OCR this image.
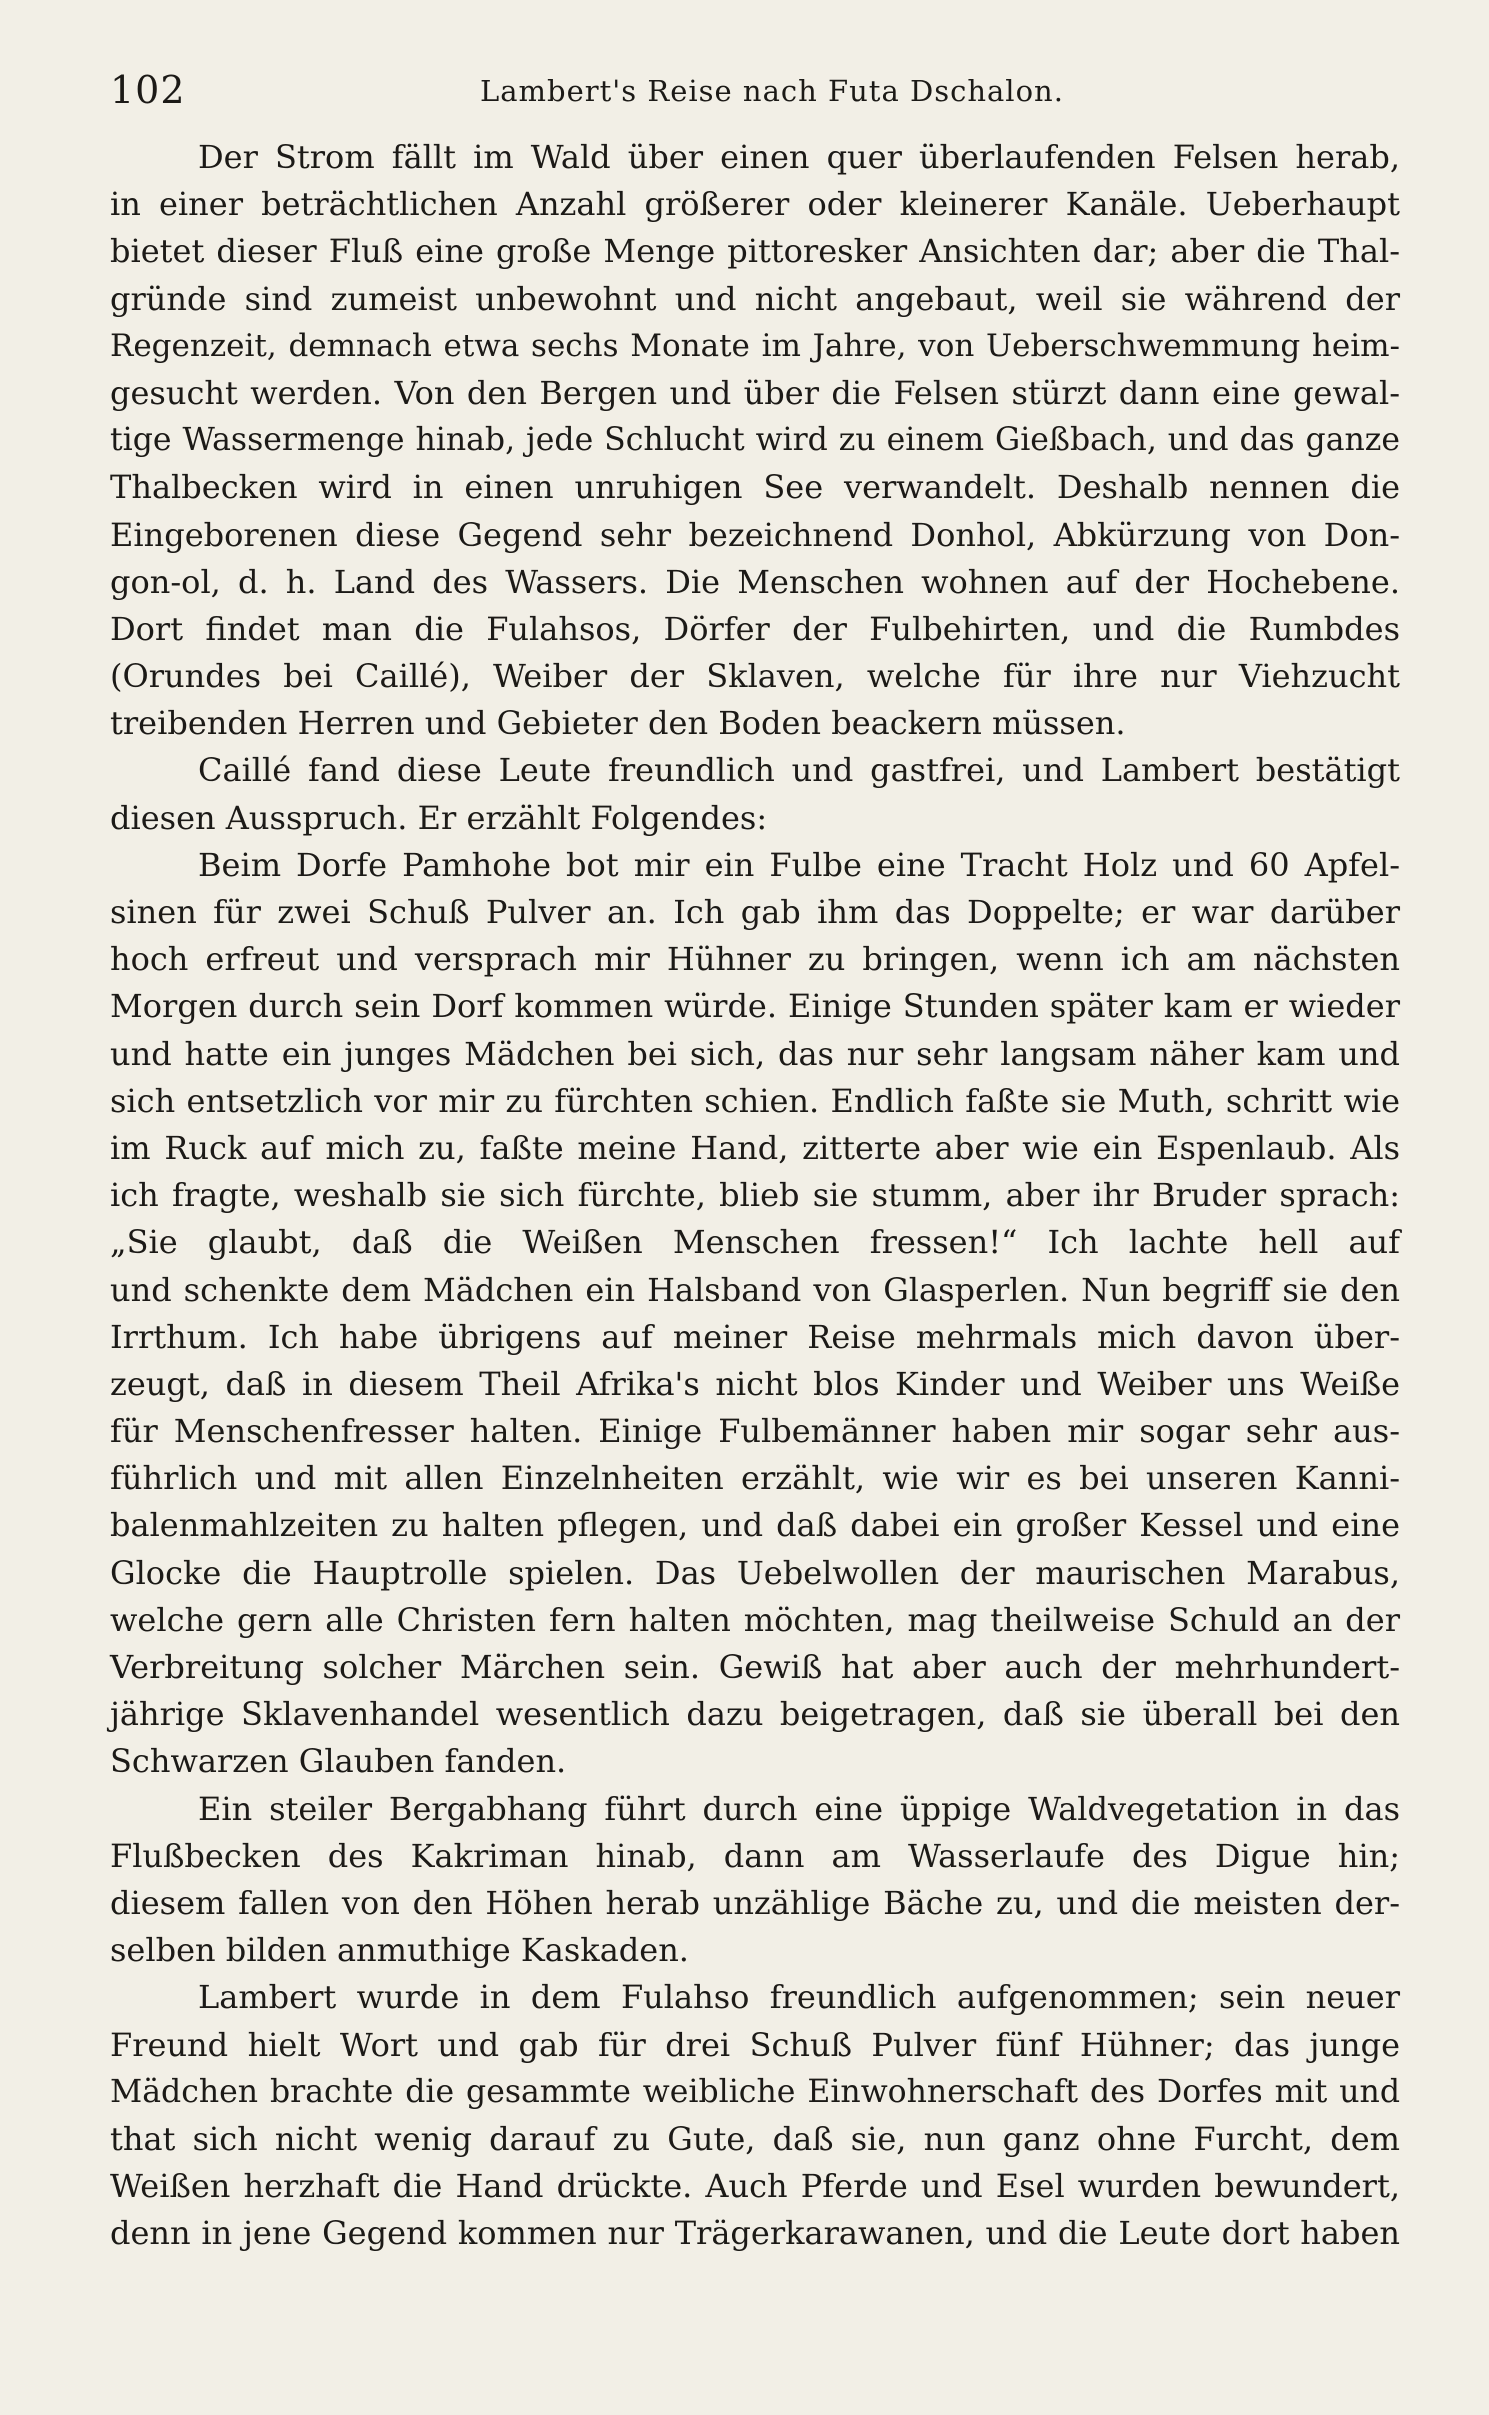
102	Lambert's Reise nach Futa Dschalon.
Der Strom fällt im Wald über einen quer überlaufenden Felsen herab,
in einer beträchtlichen Anzahl größerer oder kleinerer Kanäle. Ueberhaupt
bietet dieser Fluß eine große Menge pittoresker Ansichten dar; aber die Thal-
gründe sind zumeist unbewohnt und nicht angebaut, weil sie während der
Regenzeit, demnach etwa sechs Monate im Jahre, von Ueberschwemmung heim-
gesucht werden. Von den Bergen und über die Felsen stürzt dann eine gewal-
tige Wassermenge hinab, jede Schlucht wird zu einem Gießbach, und das ganze
Thalbecken wird in einen unruhigen See verwandelt. Deshalb nennen die
Eingeborenen diese Gegend sehr bezeichnend Donhol, Abkürzung von Don-
gon-ol, d. h. Land des Wassers. Die Menschen wohnen auf der Hochebene.
Dort findet man die Fulahsos, Dörfer der Fulbehirten, und die Rumbdes
(Orundes bei Caillé), Weiber der Sklaven, welche für ihre nur Viehzucht
treibenden Herren und Gebieter den Boden beackern müssen.
Caillé fand diese Leute freundlich und gastfrei, und Lambert bestätigt
diesen Ausspruch. Er erzählt Folgendes:
Beim Dorfe Pamhohe bot mir ein Fulbe eine Tracht Holz und 60 Apfel-
sinen für zwei Schuß Pulver an. Ich gab ihm das Doppelte; er war darüber
hoch erfreut und versprach mir Hühner zu bringen, wenn ich am nächsten
Morgen durch sein Dorf kommen würde. Einige Stunden später kam er wieder
und hatte ein junges Mädchen bei sich, das nur sehr langsam näher kam und
sich entsetzlich vor mir zu fürchten schien. Endlich faßte sie Muth, schritt wie
im Ruck auf mich zu, faßte meine Hand, zitterte aber wie ein Espenlaub. Als
ich fragte, weshalb sie sich fürchte, blieb sie stumm, aber ihr Bruder sprach:
„Sie glaubt, daß die Weißen Menschen fressen!“ Ich lachte hell auf
und schenkte dem Mädchen ein Halsband von Glasperlen. Nun begriff sie den
Irrthum. Ich habe übrigens auf meiner Reise mehrmals mich davon über-
zeugt, daß in diesem Theil Afrika's nicht blos Kinder und Weiber uns Weiße
für Menschenfresser halten. Einige Fulbemänner haben mir sogar sehr aus-
führlich und mit allen Einzelnheiten erzählt, wie wir es bei unseren Kanni-
balenmahlzeiten zu halten pflegen, und daß dabei ein großer Kessel und eine
Glocke die Hauptrolle spielen. Das Uebelwollen der maurischen Marabus,
welche gern alle Christen fern halten möchten, mag theilweise Schuld an der
Verbreitung solcher Märchen sein. Gewiß hat aber auch der mehrhundert-
jährige Sklavenhandel wesentlich dazu beigetragen, daß sie überall bei den
Schwarzen Glauben fanden.
Ein steiler Bergabhang führt durch eine üppige Waldvegetation in das
Flußbecken des Kakriman hinab, dann am Wasserlaufe des Digue hin;
diesem fallen von den Höhen herab unzählige Bäche zu, und die meisten der-
selben bilden anmuthige Kaskaden.
Lambert wurde in dem Fulahso freundlich aufgenommen; sein neuer
Freund hielt Wort und gab für drei Schuß Pulver fünf Hühner; das junge
Mädchen brachte die gesammte weibliche Einwohnerschaft des Dorfes mit und
that sich nicht wenig darauf zu Gute, daß sie, nun ganz ohne Furcht, dem
Weißen herzhaft die Hand drückte. Auch Pferde und Esel wurden bewundert,
denn in jene Gegend kommen nur Trägerkarawanen, und die Leute dort haben
